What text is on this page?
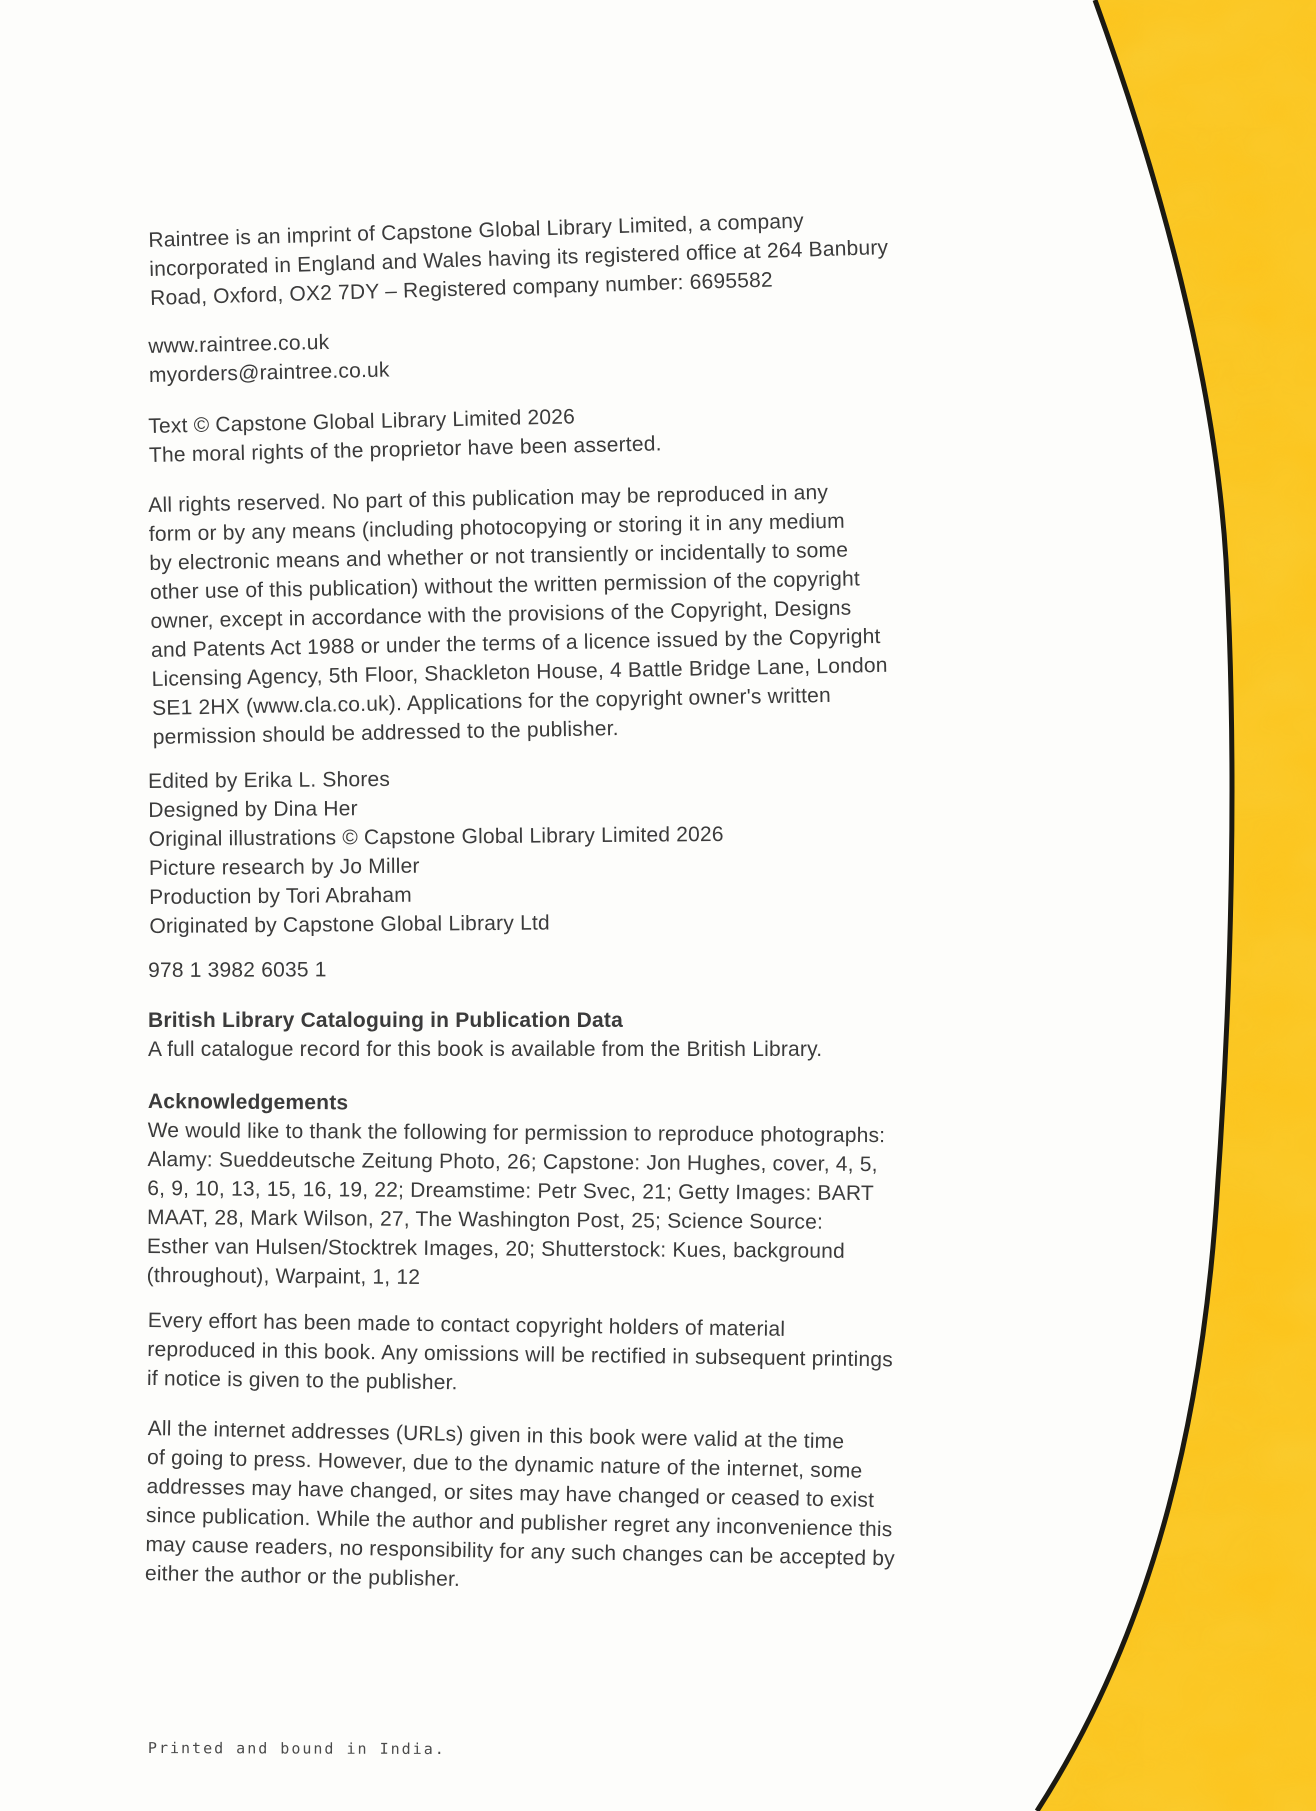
Raintree is an imprint of Capstone Global Library Limited, a company
incorporated in England and Wales having its registered office at 264 Banbury
Road, Oxford, OX2 7DY – Registered company number: 6695582
www.raintree.co.uk
myorders@raintree.co.uk
Text © Capstone Global Library Limited 2026
The moral rights of the proprietor have been asserted.
All rights reserved. No part of this publication may be reproduced in any
form or by any means (including photocopying or storing it in any medium
by electronic means and whether or not transiently or incidentally to some
other use of this publication) without the written permission of the copyright
owner, except in accordance with the provisions of the Copyright, Designs
and Patents Act 1988 or under the terms of a licence issued by the Copyright
Licensing Agency, 5th Floor, Shackleton House, 4 Battle Bridge Lane, London
SE1 2HX (www.cla.co.uk). Applications for the copyright owner's written
permission should be addressed to the publisher.
Edited by Erika L. Shores
Designed by Dina Her
Original illustrations © Capstone Global Library Limited 2026
Picture research by Jo Miller
Production by Tori Abraham
Originated by Capstone Global Library Ltd
978 1 3982 6035 1
British Library Cataloguing in Publication Data
A full catalogue record for this book is available from the British Library.
Acknowledgements
We would like to thank the following for permission to reproduce photographs:
Alamy: Sueddeutsche Zeitung Photo, 26; Capstone: Jon Hughes, cover, 4, 5,
6, 9, 10, 13, 15, 16, 19, 22; Dreamstime: Petr Svec, 21; Getty Images: BART
MAAT, 28, Mark Wilson, 27, The Washington Post, 25; Science Source:
Esther van Hulsen/Stocktrek Images, 20; Shutterstock: Kues, background
(throughout), Warpaint, 1, 12
Every effort has been made to contact copyright holders of material
reproduced in this book. Any omissions will be rectified in subsequent printings
if notice is given to the publisher.
All the internet addresses (URLs) given in this book were valid at the time
of going to press. However, due to the dynamic nature of the internet, some
addresses may have changed, or sites may have changed or ceased to exist
since publication. While the author and publisher regret any inconvenience this
may cause readers, no responsibility for any such changes can be accepted by
either the author or the publisher.
Printed and bound in India.
